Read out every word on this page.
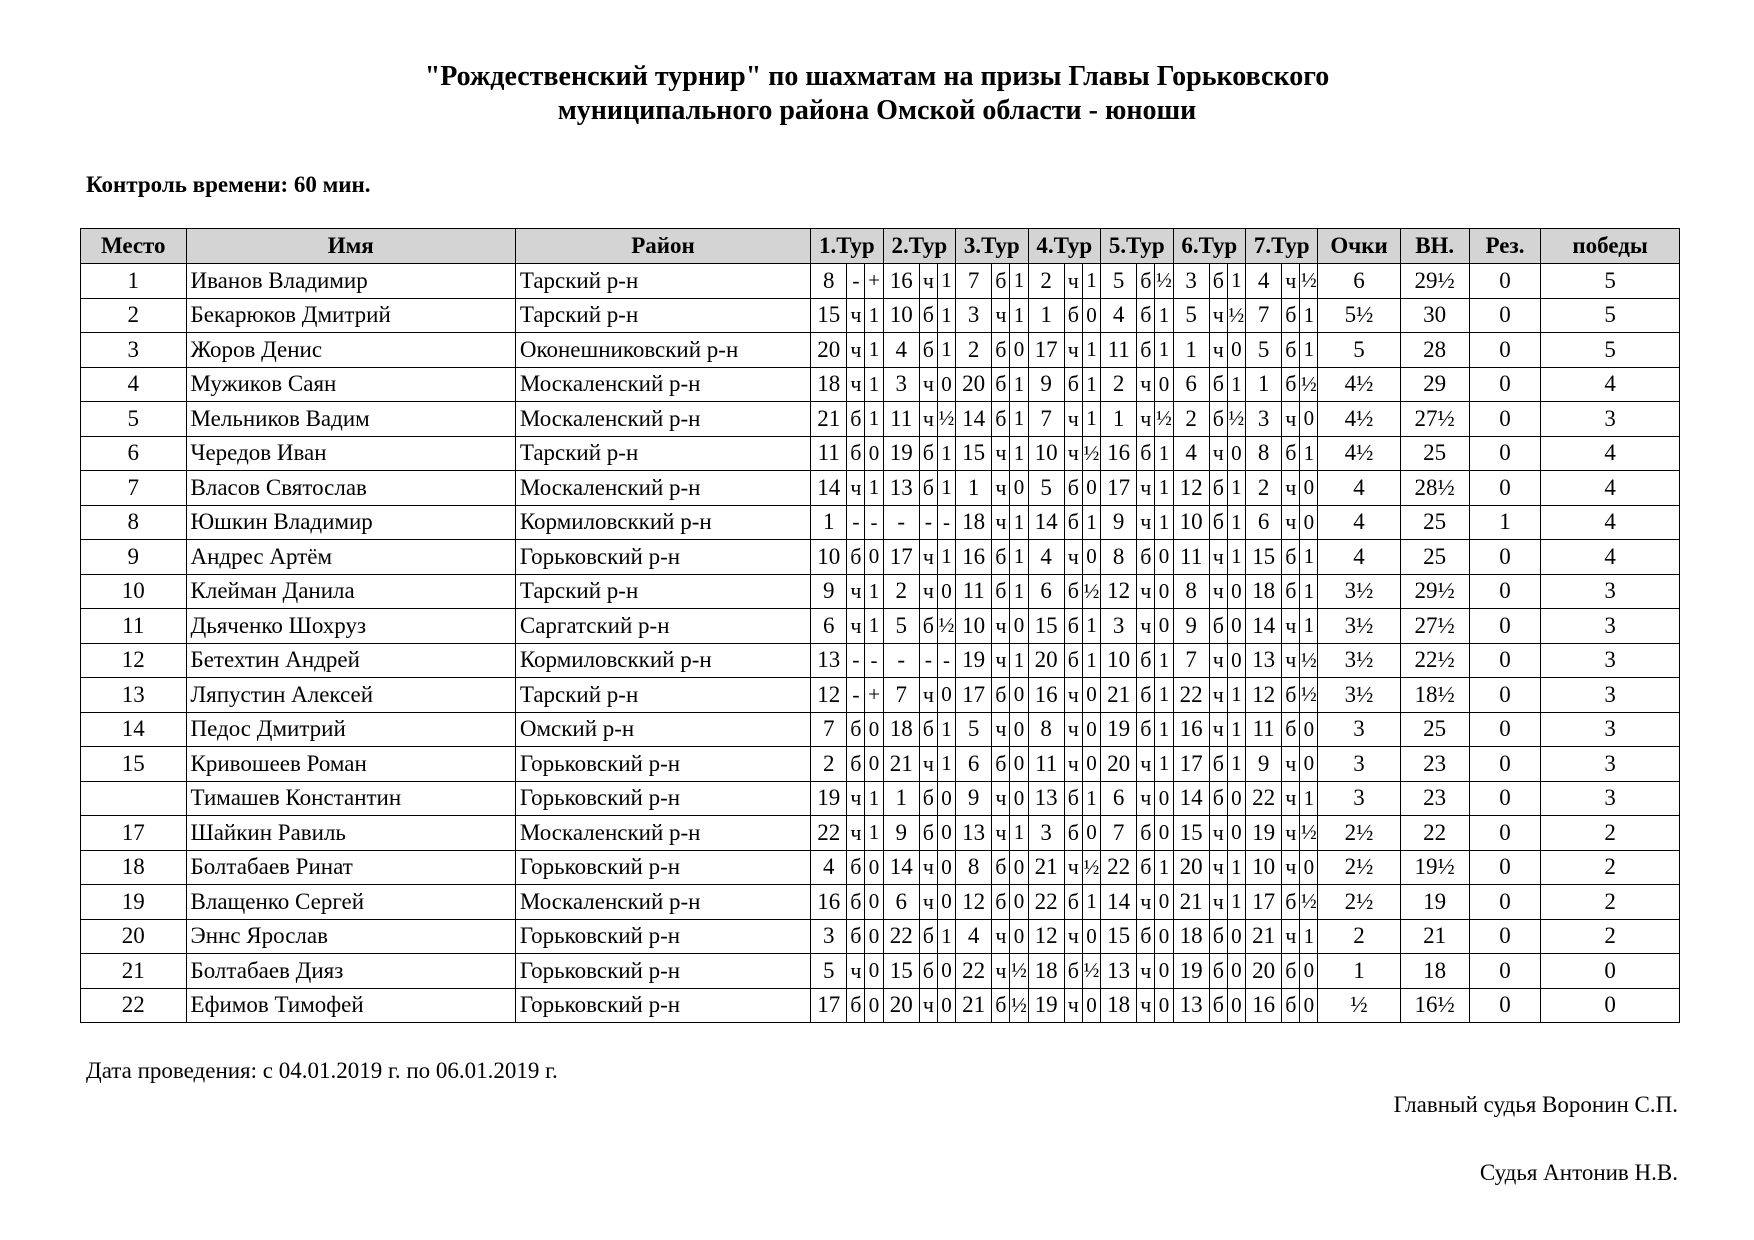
"Рождественский турнир" по шахматам на призы Главы Горьковского
муниципального района Омской области - юноши
Контроль времени: 60 мин.
Место	Имя	Район	1.Тур			2.Тур			3.Тур			4.Тур			5.Тур			6.Тур			7.Тур			Очки	ВН.	Рез.	победы
1	Иванов Владимир	Тарский р-н	8	-	+	16	ч	1	7	б	1	2	ч	1	5	б	½	3	б	1	4	ч	½	6	29½	0	5
2	Бекарюков Дмитрий	Тарский р-н	15	ч	1	10	б	1	3	ч	1	1	б	0	4	б	1	5	ч	½	7	б	1	5½	30	0	5
3	Жоров Денис	Оконешниковский р-н	20	ч	1	4	б	1	2	б	0	17	ч	1	11	б	1	1	ч	0	5	б	1	5	28	0	5
4	Мужиков Саян	Москаленский р-н	18	ч	1	3	ч	0	20	б	1	9	б	1	2	ч	0	6	б	1	1	б	½	4½	29	0	4
5	Мельников Вадим	Москаленский р-н	21	б	1	11	ч	½	14	б	1	7	ч	1	1	ч	½	2	б	½	3	ч	0	4½	27½	0	3
6	Чередов Иван	Тарский р-н	11	б	0	19	б	1	15	ч	1	10	ч	½	16	б	1	4	ч	0	8	б	1	4½	25	0	4
7	Власов Святослав	Москаленский р-н	14	ч	1	13	б	1	1	ч	0	5	б	0	17	ч	1	12	б	1	2	ч	0	4	28½	0	4
8	Юшкин Владимир	Кормиловсккий р-н	1	-	-	-	-	-	18	ч	1	14	б	1	9	ч	1	10	б	1	6	ч	0	4	25	1	4
9	Андрес Артём	Горьковский р-н	10	б	0	17	ч	1	16	б	1	4	ч	0	8	б	0	11	ч	1	15	б	1	4	25	0	4
10	Клейман Данила	Тарский р-н	9	ч	1	2	ч	0	11	б	1	6	б	½	12	ч	0	8	ч	0	18	б	1	3½	29½	0	3
11	Дьяченко Шохруз	Саргатский р-н	6	ч	1	5	б	½	10	ч	0	15	б	1	3	ч	0	9	б	0	14	ч	1	3½	27½	0	3
12	Бетехтин Андрей	Кормиловсккий р-н	13	-	-	-	-	-	19	ч	1	20	б	1	10	б	1	7	ч	0	13	ч	½	3½	22½	0	3
13	Ляпустин Алексей	Тарский р-н	12	-	+	7	ч	0	17	б	0	16	ч	0	21	б	1	22	ч	1	12	б	½	3½	18½	0	3
14	Педос Дмитрий	Омский р-н	7	б	0	18	б	1	5	ч	0	8	ч	0	19	б	1	16	ч	1	11	б	0	3	25	0	3
15	Кривошеев Роман	Горьковский р-н	2	б	0	21	ч	1	6	б	0	11	ч	0	20	ч	1	17	б	1	9	ч	0	3	23	0	3
	Тимашев Константин	Горьковский р-н	19	ч	1	1	б	0	9	ч	0	13	б	1	6	ч	0	14	б	0	22	ч	1	3	23	0	3
17	Шайкин Равиль	Москаленский р-н	22	ч	1	9	б	0	13	ч	1	3	б	0	7	б	0	15	ч	0	19	ч	½	2½	22	0	2
18	Болтабаев Ринат	Горьковский р-н	4	б	0	14	ч	0	8	б	0	21	ч	½	22	б	1	20	ч	1	10	ч	0	2½	19½	0	2
19	Влащенко Сергей	Москаленский р-н	16	б	0	6	ч	0	12	б	0	22	б	1	14	ч	0	21	ч	1	17	б	½	2½	19	0	2
20	Эннс Ярослав	Горьковский р-н	3	б	0	22	б	1	4	ч	0	12	ч	0	15	б	0	18	б	0	21	ч	1	2	21	0	2
21	Болтабаев Дияз	Горьковский р-н	5	ч	0	15	б	0	22	ч	½	18	б	½	13	ч	0	19	б	0	20	б	0	1	18	0	0
22	Ефимов Тимофей	Горьковский р-н	17	б	0	20	ч	0	21	б	½	19	ч	0	18	ч	0	13	б	0	16	б	0	½	16½	0	0
Дата проведения: с 04.01.2019 г. по 06.01.2019 г.
Главный судья Воронин С.П.
Судья Антонив Н.В.
